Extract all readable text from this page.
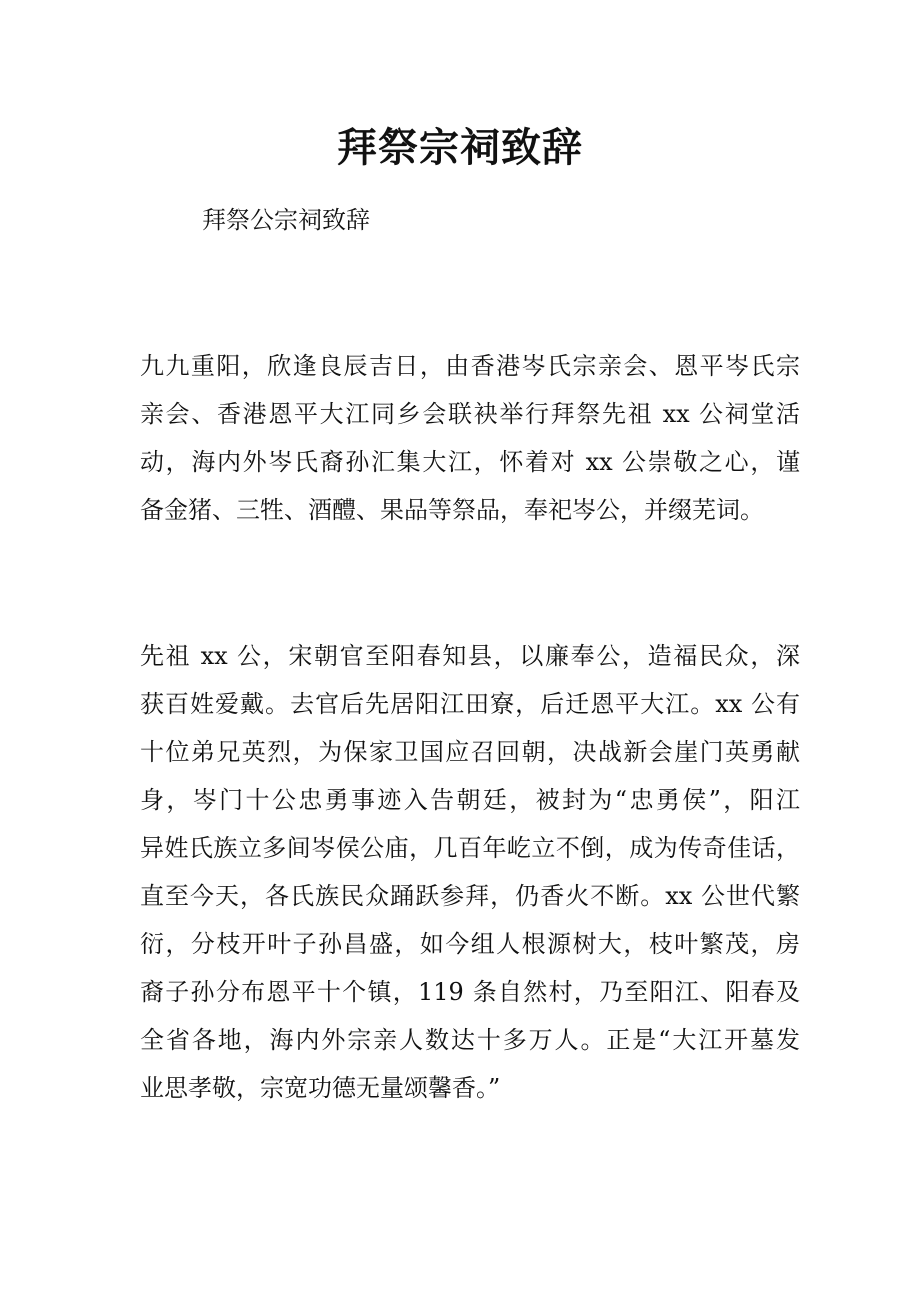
拜祭宗祠致辞

拜祭公宗祠致辞

九九重阳，欣逢良辰吉日，由香港岑氏宗亲会、恩平岑氏宗
亲会、香港恩平大江同乡会联袂举行拜祭先祖 xx 公祠堂活
动，海内外岑氏裔孙汇集大江，怀着对 xx 公崇敬之心，谨
备金猪、三牲、酒醴、果品等祭品，奉祀岑公，并缀芜词。

先祖 xx 公，宋朝官至阳春知县，以廉奉公，造福民众，深
获百姓爱戴。去官后先居阳江田寮，后迁恩平大江。xx 公有
十位弟兄英烈，为保家卫国应召回朝，决战新会崖门英勇献
身，岑门十公忠勇事迹入告朝廷，被封为“忠勇侯”，阳江
异姓氏族立多间岑侯公庙，几百年屹立不倒，成为传奇佳话，
直至今天，各氏族民众踊跃参拜，仍香火不断。xx 公世代繁
衍，分枝开叶子孙昌盛，如今组人根源树大，枝叶繁茂，房
裔子孙分布恩平十个镇，119 条自然村，乃至阳江、阳春及
全省各地，海内外宗亲人数达十多万人。正是“大江开墓发
业思孝敬，宗宽功德无量颂馨香。”
